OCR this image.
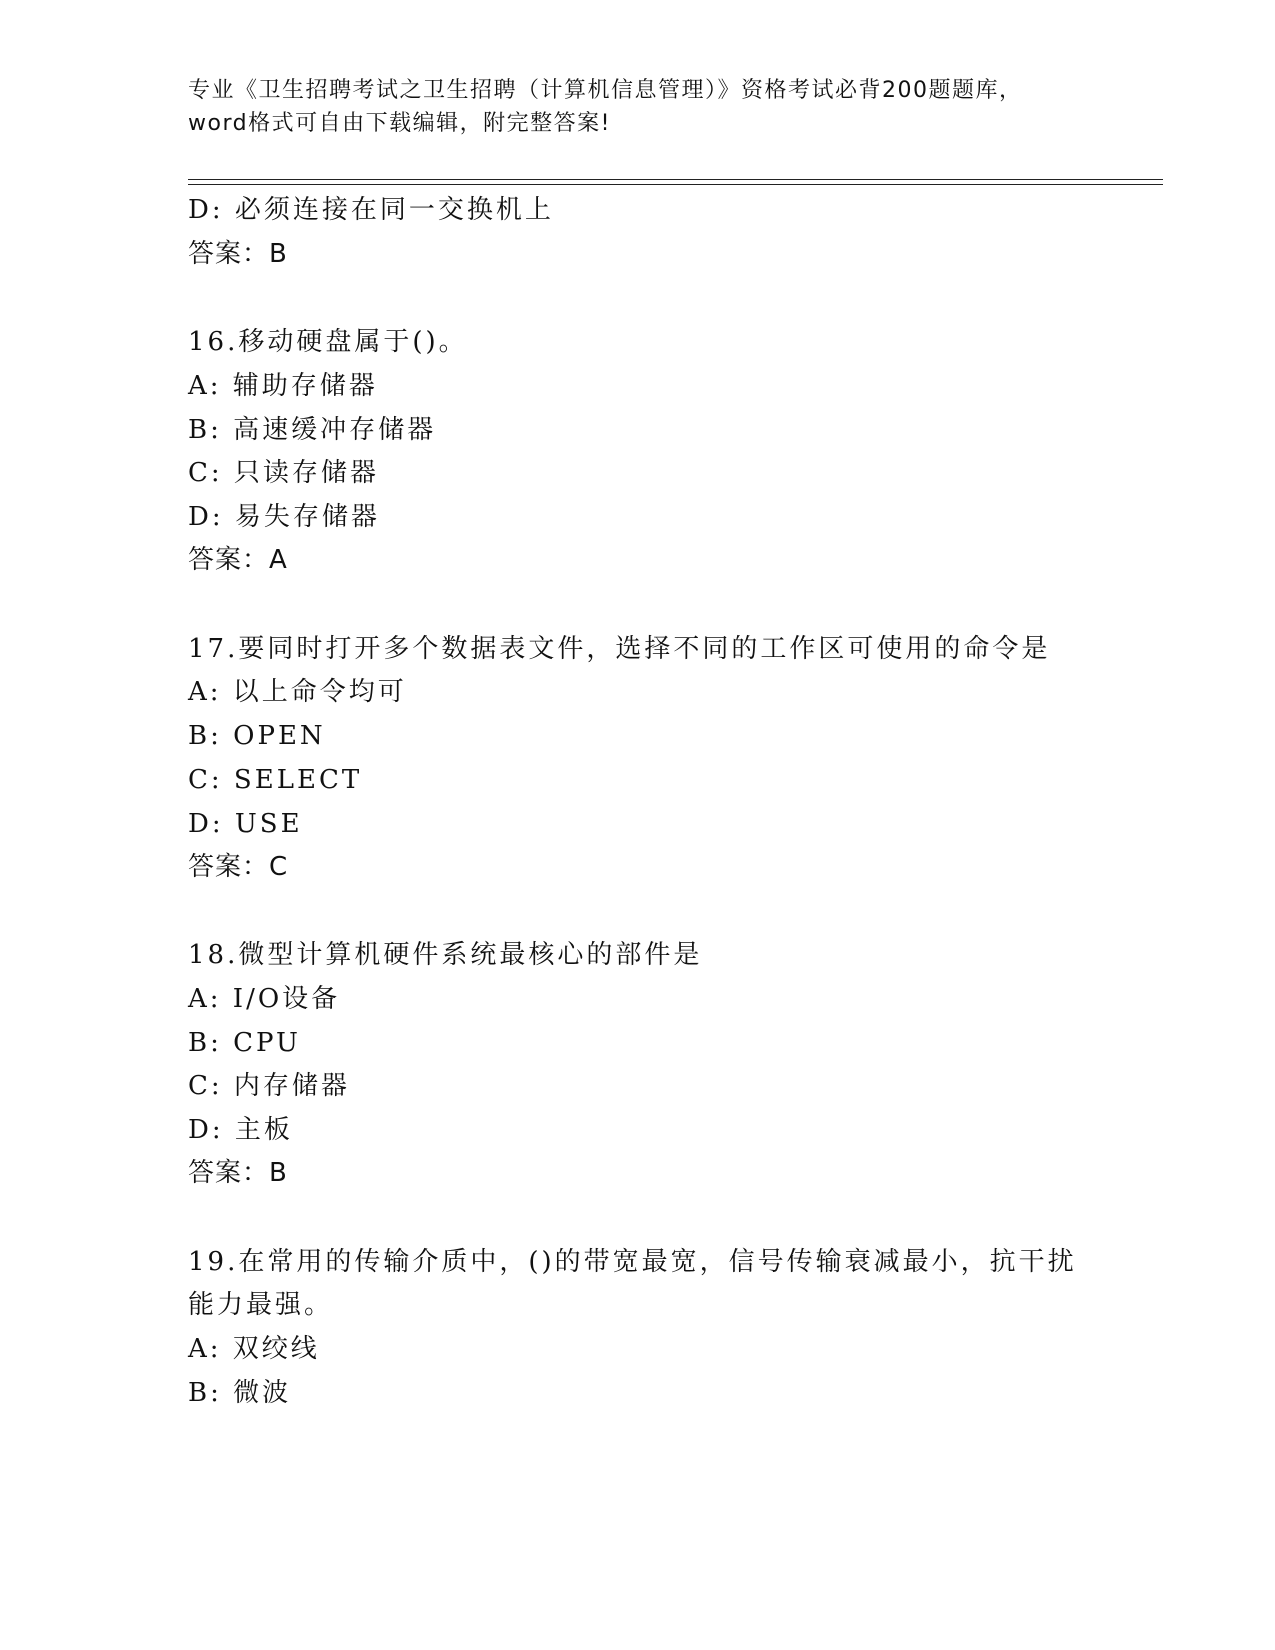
专业《卫生招聘考试之卫生招聘（计算机信息管理）》资格考试必背200题题库，
word格式可自由下载编辑，附完整答案!
D: 必须连接在同一交换机上
答案：B
16.移动硬盘属于()。
A: 辅助存储器
B: 高速缓冲存储器
C: 只读存储器
D: 易失存储器
答案：A
17.要同时打开多个数据表文件，选择不同的工作区可使用的命令是
A: 以上命令均可
B: OPEN
C: SELECT
D: USE
答案：C
18.微型计算机硬件系统最核心的部件是
A: I/O设备
B: CPU
C: 内存储器
D: 主板
答案：B
19.在常用的传输介质中，()的带宽最宽，信号传输衰减最小，抗干扰
能力最强。
A: 双绞线
B: 微波
